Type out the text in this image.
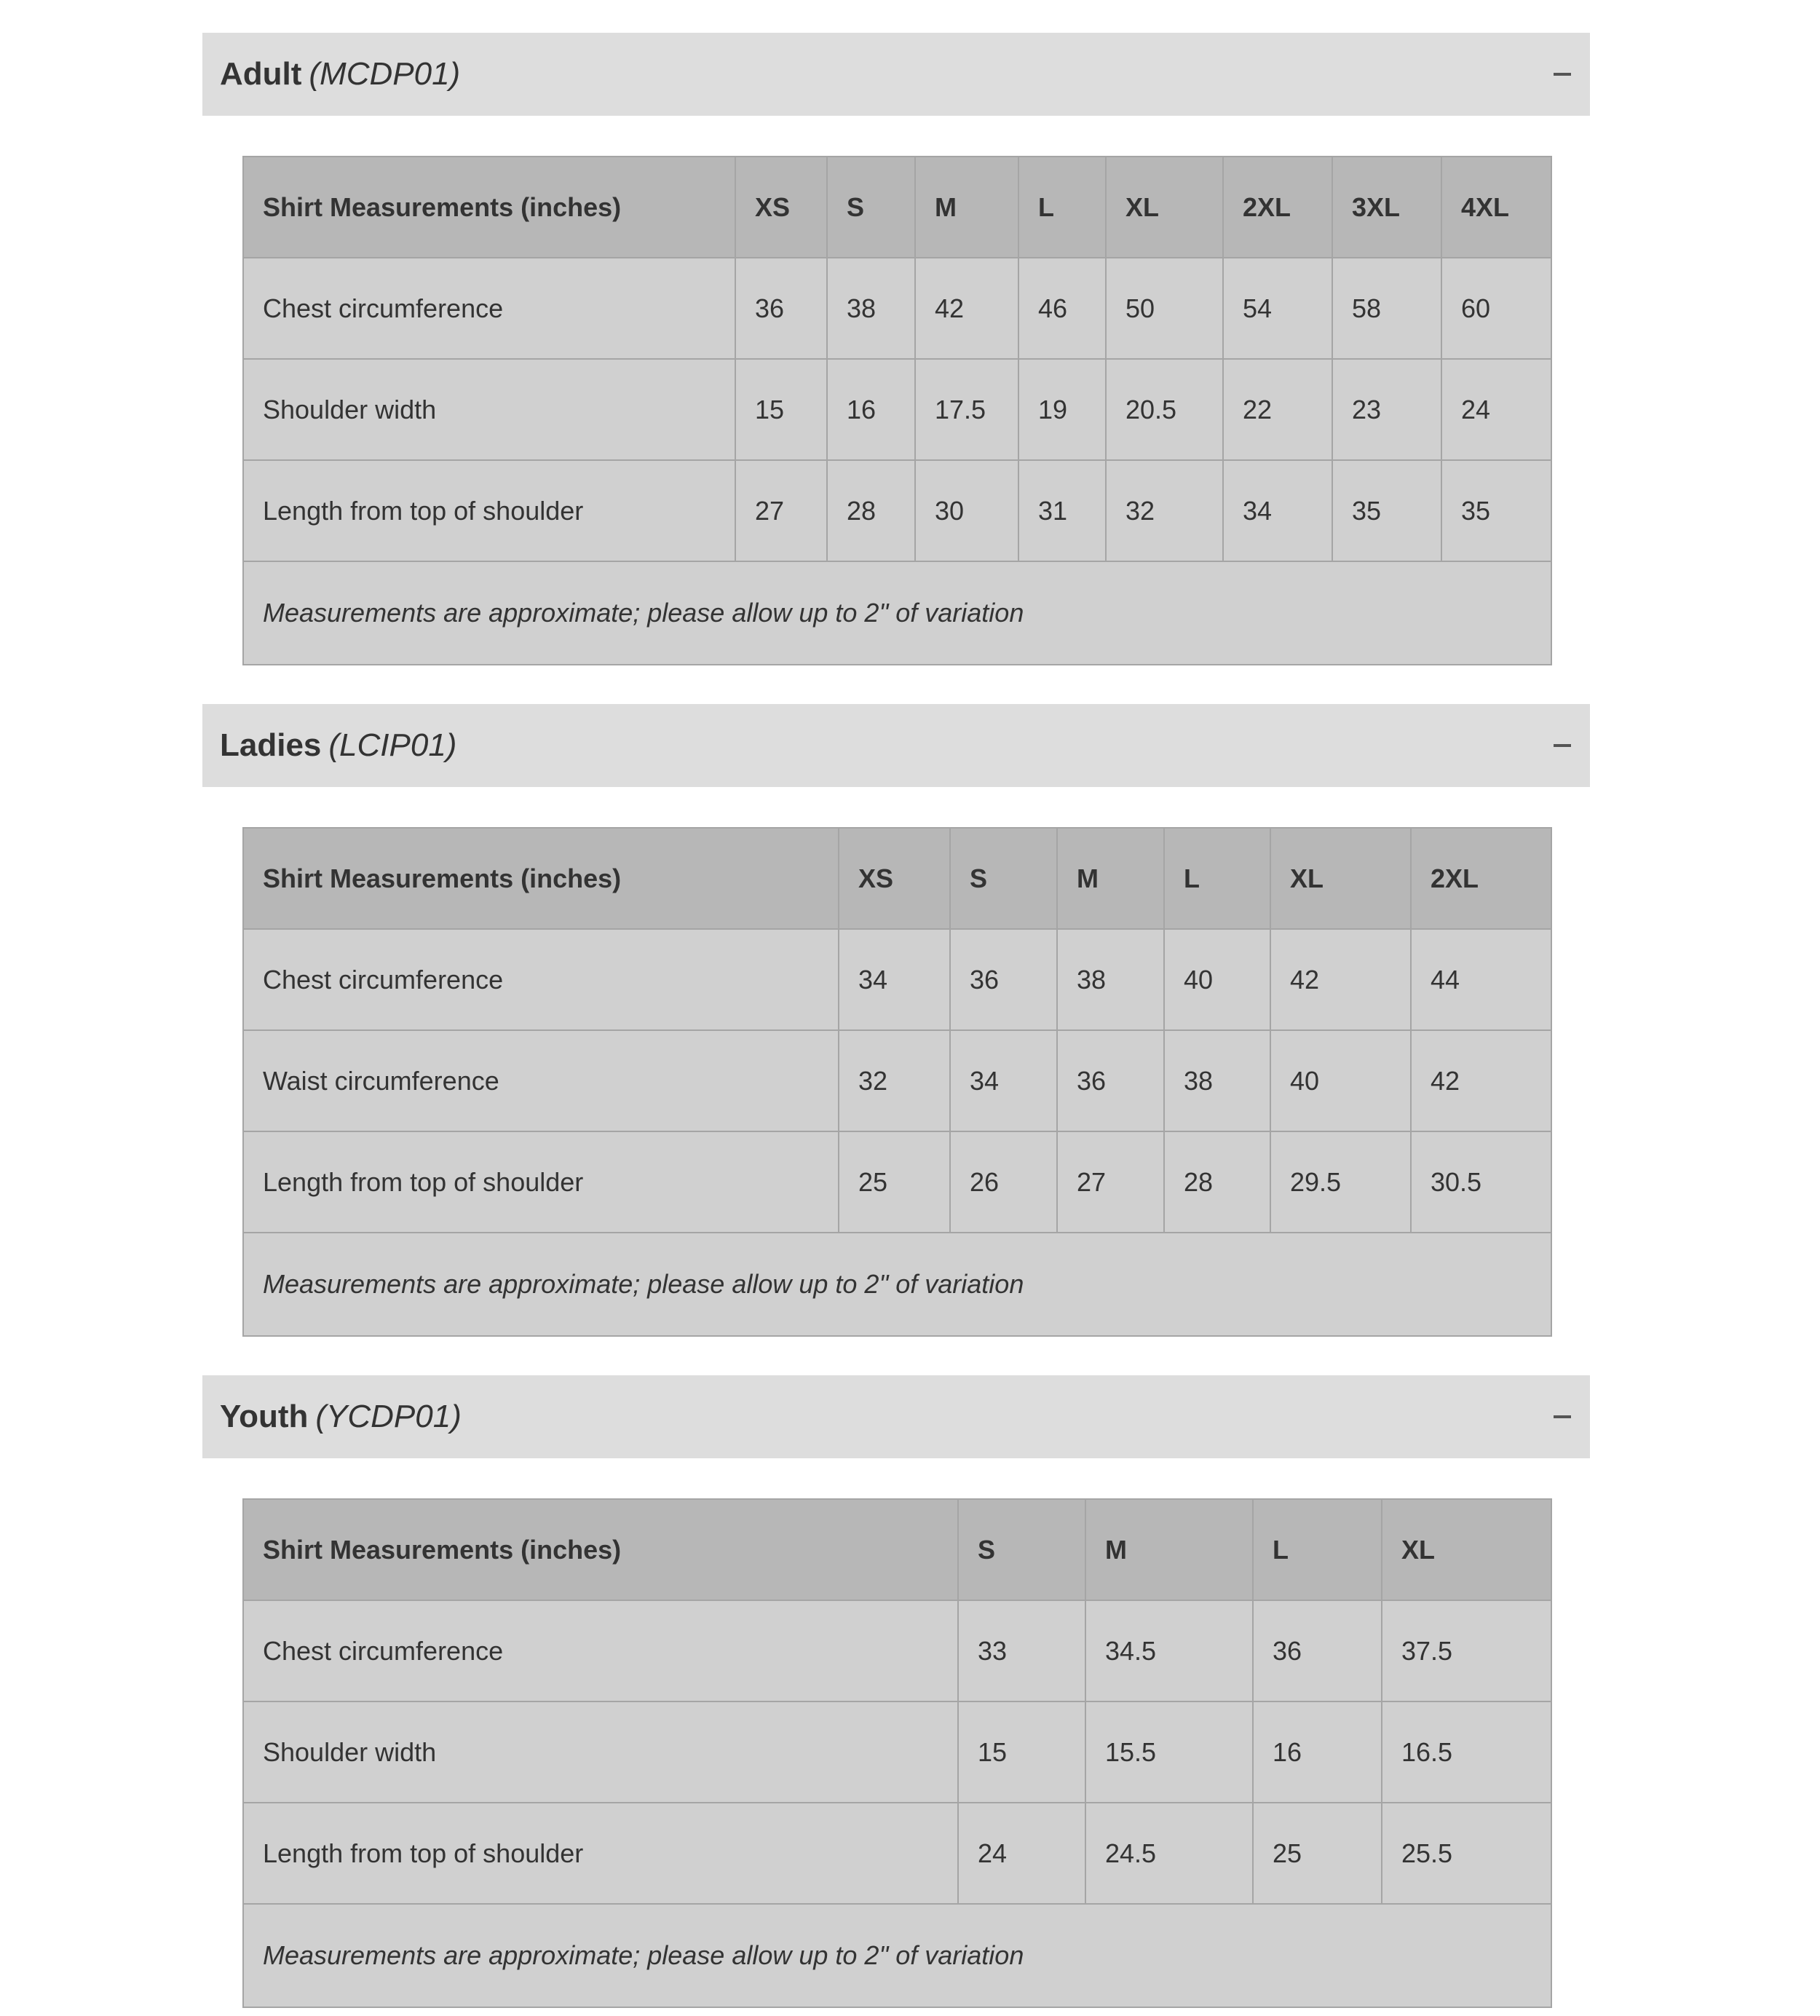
Adult (MCDP01)
Shirt Measurements (inches)	XS	S	M	L	XL	2XL	3XL	4XL
Chest circumference	36	38	42	46	50	54	58	60
Shoulder width	15	16	17.5	19	20.5	22	23	24
Length from top of shoulder	27	28	30	31	32	34	35	35
Measurements are approximate; please allow up to 2" of variation								
Ladies (LCIP01)
Shirt Measurements (inches)	XS	S	M	L	XL	2XL
Chest circumference	34	36	38	40	42	44
Waist circumference	32	34	36	38	40	42
Length from top of shoulder	25	26	27	28	29.5	30.5
Measurements are approximate; please allow up to 2" of variation						
Youth (YCDP01)
Shirt Measurements (inches)	S	M	L	XL
Chest circumference	33	34.5	36	37.5
Shoulder width	15	15.5	16	16.5
Length from top of shoulder	24	24.5	25	25.5
Measurements are approximate; please allow up to 2" of variation				
